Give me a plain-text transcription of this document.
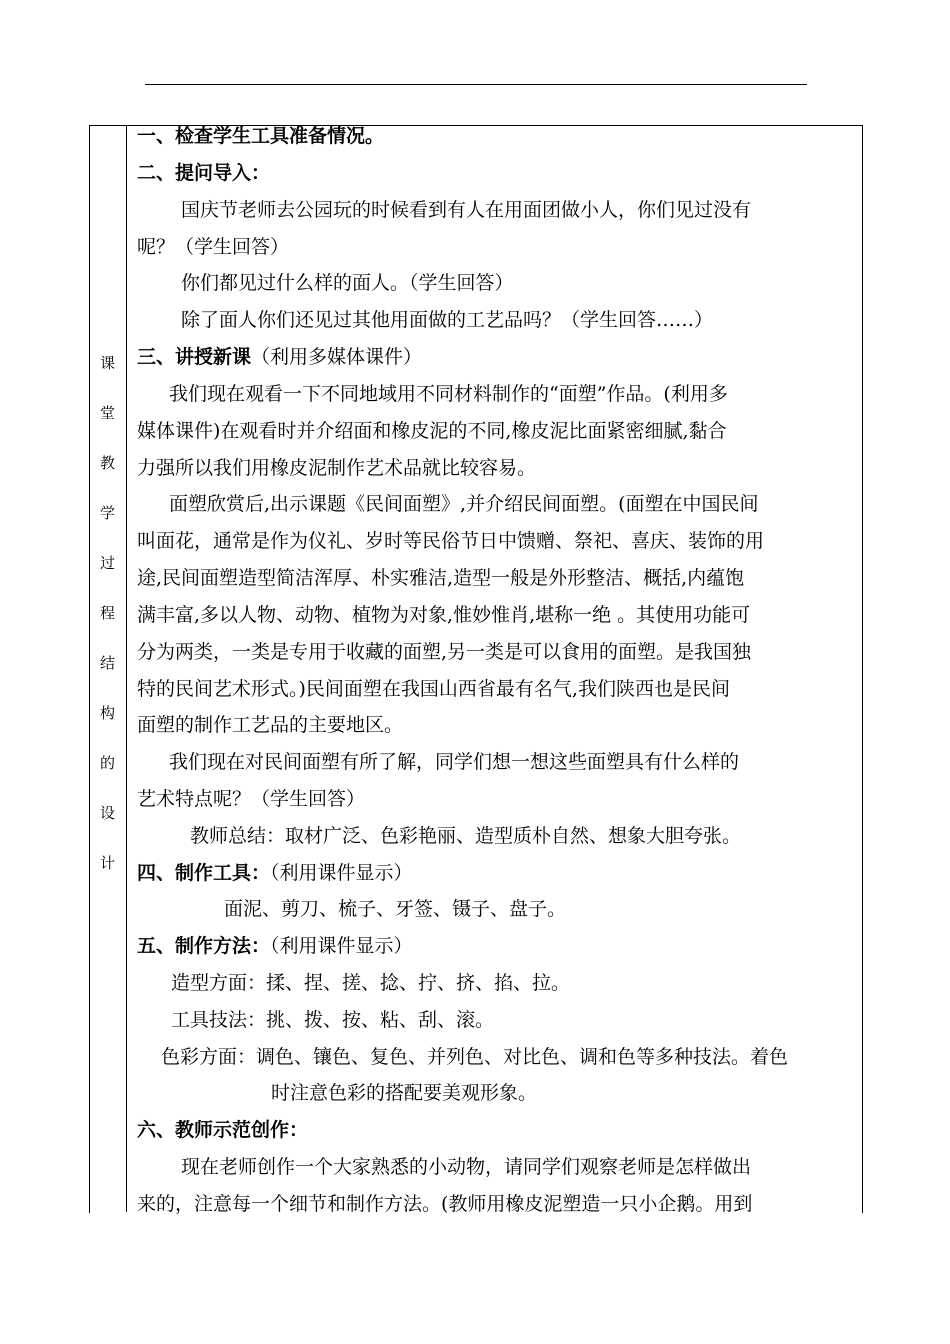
课
堂
教
学
过
程
结
构
的
设
计
一、检查学生工具准备情况。
二、提问导入：
国庆节老师去公园玩的时候看到有人在用面团做小人，你们见过没有
呢？（学生回答）
你们都见过什么样的面人。（学生回答）
除了面人你们还见过其他用面做的工艺品吗？（学生回答……）
三、讲授新课（利用多媒体课件）
我们现在观看一下不同地域用不同材料制作的“面塑”作品。(利用多
媒体课件)在观看时并介绍面和橡皮泥的不同,橡皮泥比面紧密细腻,黏合
力强所以我们用橡皮泥制作艺术品就比较容易。
面塑欣赏后,出示课题《民间面塑》,并介绍民间面塑。(面塑在中国民间
叫面花，通常是作为仪礼、岁时等民俗节日中馈赠、祭祀、喜庆、装饰的用
途,民间面塑造型简洁浑厚、朴实雅洁,造型一般是外形整洁、概括,内蕴饱
满丰富,多以人物、动物、植物为对象,惟妙惟肖,堪称一绝 。其使用功能可
分为两类，一类是专用于收藏的面塑,另一类是可以食用的面塑。是我国独
特的民间艺术形式。)民间面塑在我国山西省最有名气,我们陕西也是民间
面塑的制作工艺品的主要地区。
我们现在对民间面塑有所了解，同学们想一想这些面塑具有什么样的
艺术特点呢？（学生回答）
教师总结：取材广泛、色彩艳丽、造型质朴自然、想象大胆夸张。
四、制作工具：（利用课件显示）
面泥、剪刀、梳子、牙签、镊子、盘子。
五、制作方法：（利用课件显示）
造型方面：揉、捏、搓、捻、拧、挤、掐、拉。
工具技法：挑、拨、按、粘、刮、滚。
色彩方面：调色、镶色、复色、并列色、对比色、调和色等多种技法。着色
时注意色彩的搭配要美观形象。
六、教师示范创作：
现在老师创作一个大家熟悉的小动物，请同学们观察老师是怎样做出
来的，注意每一个细节和制作方法。(教师用橡皮泥塑造一只小企鹅。用到
